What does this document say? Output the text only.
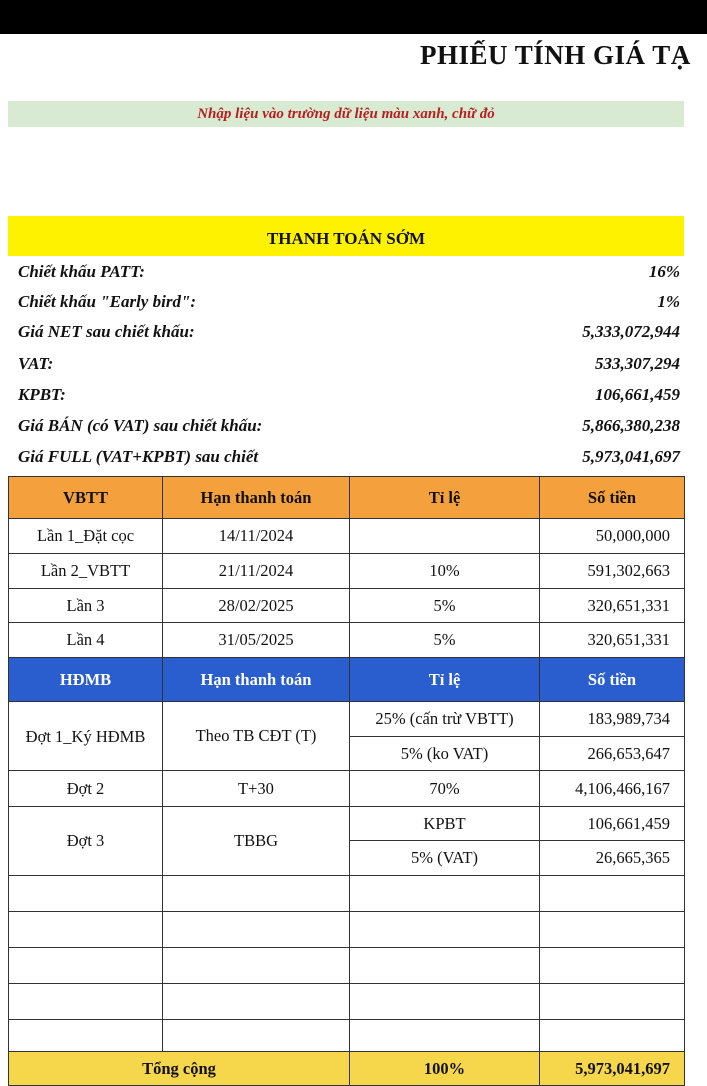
PHIẾU TÍNH GIÁ TẠ
Nhập liệu vào trường dữ liệu màu xanh, chữ đỏ
THANH TOÁN SỚM
Chiết khấu PATT:	16%
Chiết khấu "Early bird":	1%
Giá NET sau chiết khấu:	5,333,072,944
VAT:	533,307,294
KPBT:	106,661,459
Giá BÁN (có VAT) sau chiết khấu:	5,866,380,238
Giá FULL (VAT+KPBT) sau chiết	5,973,041,697
VBTT	Hạn thanh toán	Tỉ lệ	Số tiền
Lần 1_Đặt cọc	14/11/2024		50,000,000
Lần 2_VBTT	21/11/2024	10%	591,302,663
Lần 3	28/02/2025	5%	320,651,331
Lần 4	31/05/2025	5%	320,651,331
HĐMB	Hạn thanh toán	Tỉ lệ	Số tiền
Đợt 1_Ký HĐMB	Theo TB CĐT (T)	25% (cấn trừ VBTT)	183,989,734
		5% (ko VAT)	266,653,647
Đợt 2	T+30	70%	4,106,466,167
Đợt 3	TBBG	KPBT	106,661,459
		5% (VAT)	26,665,365

Tổng cộng		100%	5,973,041,697
